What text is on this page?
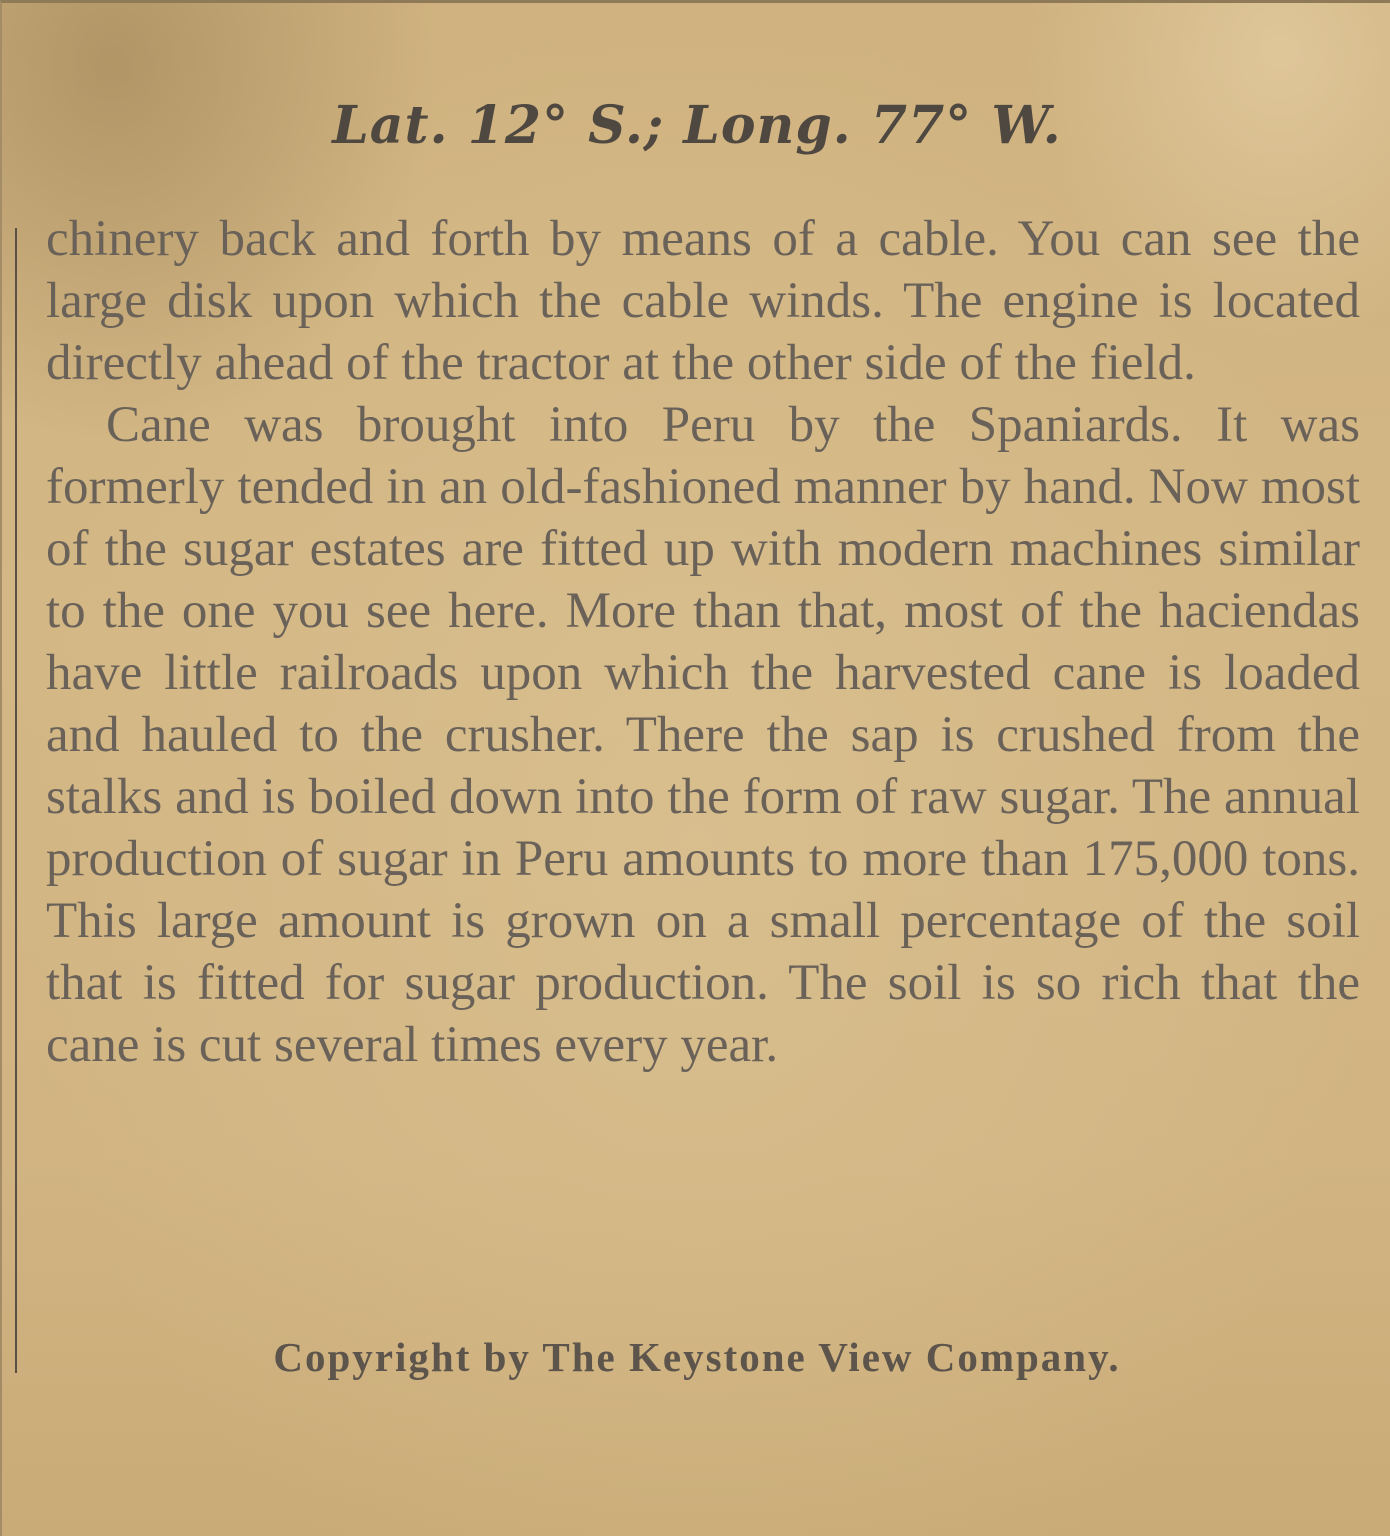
Lat. 12° S.; Long. 77° W.

chinery back and forth by means of a cable. You can see the large disk upon which the cable winds. The engine is located directly ahead of the tractor at the other side of the field.

Cane was brought into Peru by the Spaniards. It was formerly tended in an old-fashioned manner by hand. Now most of the sugar estates are fitted up with modern machines similar to the one you see here. More than that, most of the haciendas have little railroads upon which the harvested cane is loaded and hauled to the crusher. There the sap is crushed from the stalks and is boiled down into the form of raw sugar. The annual production of sugar in Peru amounts to more than 175,000 tons. This large amount is grown on a small percentage of the soil that is fitted for sugar production. The soil is so rich that the cane is cut several times every year.

Copyright by The Keystone View Company.
